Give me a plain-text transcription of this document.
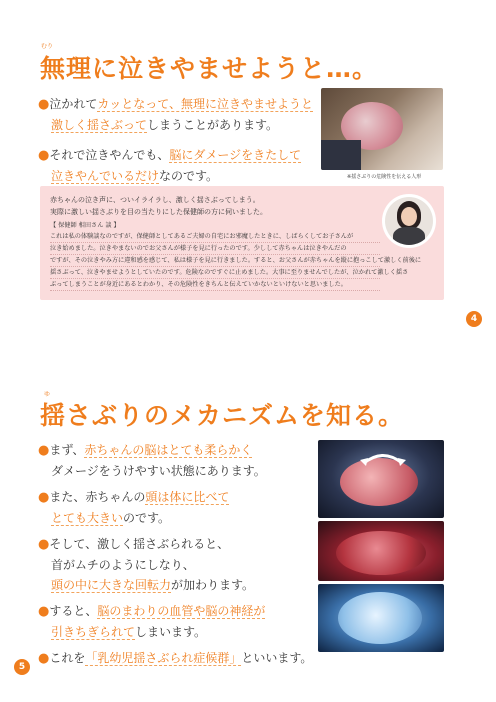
むり
無理に泣きやませようと…。
●泣かれてカッとなって、無理に泣きやませようと
激しく揺さぶってしまうことがあります。
●それで泣きやんでも、脳にダメージをきたして
泣きやんでいるだけなのです。	※揺さぶりの危険性を伝える人形
赤ちゃんの泣き声に、ついイライラし、激しく揺さぶってしまう。
実際に激しい揺さぶりを目の当たりにした保健師の方に伺いました。
【 保健師 相田さん 談 】
これは私の体験談なのですが、保健師としてあるご夫婦の自宅にお邪魔したときに、しばらくしてお子さんが
泣き始めました。泣きやまないのでお父さんが様子を見に行ったのです。少しして赤ちゃんは泣きやんだの
ですが、その泣きやみ方に違和感を感じて、私は様子を見に行きました。すると、お父さんが赤ちゃんを縦に抱っこして激しく前後に
揺さぶって、泣きやませようとしていたのです。危険なのですぐに止めました。大事に至りませんでしたが、泣かれて激しく揺さ
ぶってしまうことが身近にあるとわかり、その危険性をきちんと伝えていかないといけないと思いました。
4
ゆ
揺さぶりのメカニズムを知る。
●まず、赤ちゃんの脳はとても柔らかく
ダメージをうけやすい状態にあります。
●また、赤ちゃんの頭は体に比べて
とても大きいのです。
●そして、激しく揺さぶられると、
首がムチのようにしなり、
頭の中に大きな回転力が加わります。
●すると、脳のまわりの血管や脳の神経が
引きちぎられてしまいます。
●これを「乳幼児揺さぶられ症候群」といいます。
5
